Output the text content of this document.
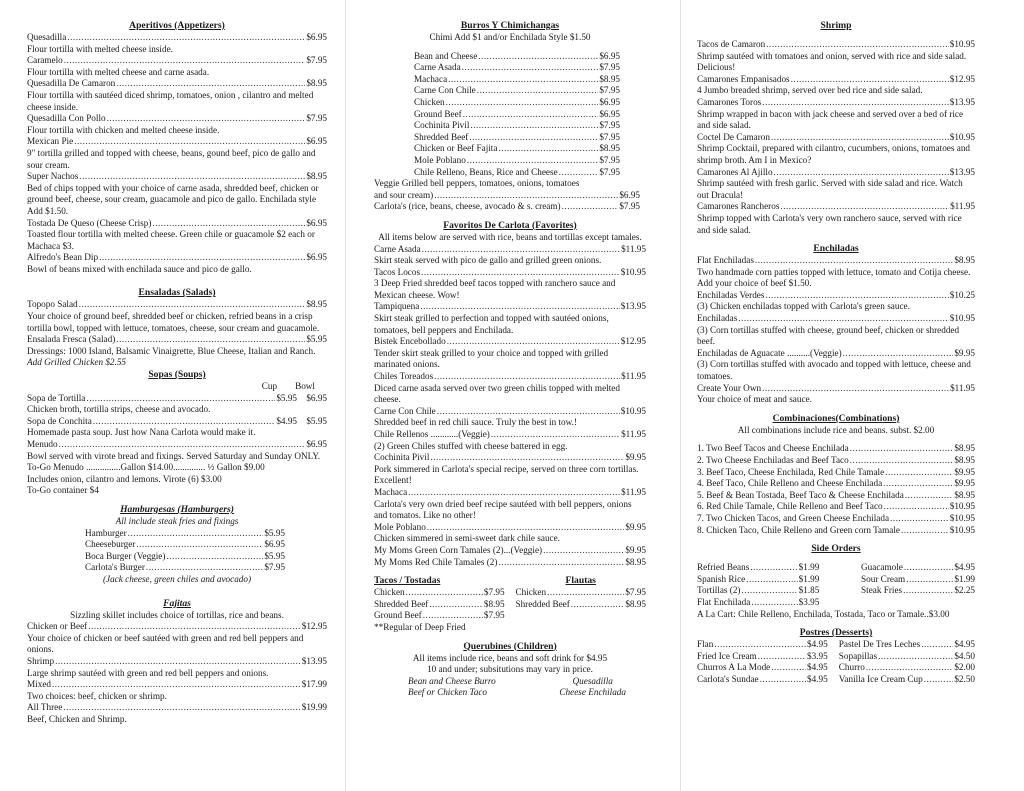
Aperitivos (Appetizers)
Quesadilla .....	$6.95
Flour tortilla with melted cheese inside.
Caramelo .....	$7.95
Flour tortilla with melted cheese and carne asada.
Quesadilla De Camaron .....	$8.95
Flour tortilla with sautéed diced shrimp, tomatoes, onion , cilantro and melted cheese inside.
Quesadilla Con Pollo .....	$7.95
Flour tortilla with chicken and melted cheese inside.
Mexican Pie .....	$6.95
9" tortilla grilled and topped with cheese, beans, gound beef, pico de gallo and sour cream.
Super Nachos .....	$8.95
Bed of chips topped with your choice of carne asada, shredded beef, chicken or ground beef, cheese, sour cream, guacamole and pico de gallo. Enchilada style Add $1.50.
Tostada De Queso (Cheese Crisp) .....	$6.95
Toasted flour tortilla with melted cheese. Green chile or guacamole $2 each or Machaca $3.
Alfredo's Bean Dip .....	$6.95
Bowl of beans mixed with enchilada sauce and pico de gallo.
Ensaladas (Salads)
Topopo Salad .....	$8.95
Your choice of ground beef, shredded beef or chicken, refried beans in a crisp tortilla bowl, topped with lettuce, tomatoes, cheese, sour cream and guacamole.
Ensalada Fresca (Salad) .....	$5.95
Dressings: 1000 Island, Balsamic Vinaigrette, Blue Cheese, Italian and Ranch. Add Grilled Chicken $2.55
Sopas (Soups)
Cup Bowl
Sopa de Tortilla .....	$5.95	$6.95
Chicken broth, tortilla strips, cheese and avocado.
Sopa de Conchita .....	$4.95	$5.95
Homemade pasta soup. Just how Nana Carlota would make it.
Menudo .....	$6.95
Bowl served with virote bread and fixings. Served Saturday and Sunday ONLY.
To-Go Menudo ...............Gallon $14.00.............. ½ Gallon $9.00
Includes onion, cilantro and lemons. Virote (6) $3.00
To-Go container $4
Hamburgesas (Hamburgers)
All include steak fries and fixings
Hamburger .....	$5.95
Cheeseburger .....	$6.95
Boca Burger (Veggie) .....	$5.95
Carlota's Burger .....	$7.95
(Jack cheese, green chiles and avocado)
Fajitas
Sizzling skillet includes choice of tortillas, rice and beans.
Chicken or Beef .....	$12.95
Your choice of chicken or beef sautéed with green and red bell peppers and onions.
Shrimp .....	$13.95
Large shrimp sautéed with green and red bell peppers and onions.
Mixed .....	$17.99
Two choices: beef, chicken or shrimp.
All Three .....	$19.99
Beef, Chicken and Shrimp.
Burros Y Chimichangas
Chimi Add $1 and/or Enchilada Style $1.50
Bean and Cheese .....	$6.95
Carne Asada .....	$7.95
Machaca .....	$8.95
Carne Con Chile .....	$7.95
Chicken .....	$6.95
Ground Beef .....	$6.95
Cochinita Pivil .....	$7.95
Shredded Beef .....	$7.95
Chicken or Beef Fajita .....	$8.95
Mole Poblano .....	$7.95
Chile Relleno, Beans, Rice and Cheese .....	$7.95
Veggie Grilled bell peppers, tomatoes, onions, tomatoes
and sour cream) .....	$6.95
Carlota's (rice, beans, cheese, avocado & s. cream) .....	$7.95
Favoritos De Carlota (Favorites)
All items below are served with rice, beans and tortillas except tamales.
Carne Asada .....	$11.95
Skirt steak served with pico de gallo and grilled green onions.
Tacos Locos .....	$10.95
3 Deep Fried shredded beef tacos topped with ranchero sauce and Mexican cheese. Wow!
Tampiquena .....	$13.95
Skirt steak grilled to perfection and topped with sautéed onions, tomatoes, bell peppers and Enchilada.
Bistek Encebollado .....	$12.95
Tender skirt steak grilled to your choice and topped with grilled marinated onions.
Chiles Toreados .....	$11.95
Diced carne asada served over two green chilis topped with melted cheese.
Carne Con Chile .....	$10.95
Shredded beef in red chili sauce. Truly the best in tow.!
Chile Rellenos ............(Veggie) .....	$11.95
(2) Green Chiles stuffed with cheese battered in egg.
Cochinita Pivil .....	$9.95
Pork simmered in Carlota's special recipe, served on three corn tortillas. Excellent!
Machaca .....	$11.95
Carlota's very own dried beef recipe sautéed with bell peppers, onions and tomatos. Like no other!
Mole Poblano .....	$9.95
Chicken simmered in semi-sweet dark chile sauce.
My Moms Green Corn Tamales (2)...(Veggie) .....	$9.95
My Moms Red Chile Tamales (2) .....	$8.95
Tacos / Tostadas
Chicken .....	$7.95
Shredded Beef .....	$8.95
Ground Beef .....	$7.95
**Regular of Deep Fried
Flautas
Chicken .....	$7.95
Shredded Beef .....	$8.95
Querubines (Children)
All items include rice, beans and soft drink for $4.95
10 and under; subsitutions may vary in price.
Bean and Cheese Burro
Beef or Chicken Taco
Quesadilla
Cheese Enchilada
Shrimp
Tacos de Camaron .....	$10.95
Shrimp sautéed with tomatoes and onion, served with rice and side salad. Delicious!
Camarones Empanisados .....	$12.95
4 Jumbo breaded shrimp, served over bed rice and side salad.
Camarones Toros .....	$13.95
Shrimp wrapped in bacon with jack cheese and served over a bed of rice and side salad.
Coctel De Camaron .....	$10.95
Shrimp Cocktail, prepared with cilantro, cucumbers, onions, tomatoes and shrimp broth. Am I in Mexico?
Camarones Al Ajillo .....	$13.95
Shrimp sautéed with fresh garlic. Served with side salad and rice. Watch out Dracula!
Camarones Rancheros .....	$11.95
Shrimp topped with Carlota's very own ranchero sauce, served with rice and side salad.
Enchiladas
Flat Enchiladas .....	$8.95
Two handmade corn patties topped with lettuce, tomato and Cotija cheese. Add your choice of beef $1.50.
Enchiladas Verdes .....	$10.25
(3) Chicken enchiladas topped with Carlota's green sauce.
Enchiladas .....	$10.95
(3) Corn tortillas stuffed with cheese, ground beef, chicken or shredded beef.
Enchiladas de Aguacate ..........(Veggie) .....	$9.95
(3) Corn tortillas stuffed with avocado and topped with lettuce, cheese and tomatoes.
Create Your Own .....	$11.95
Your choice of meat and sauce.
Combinaciones(Combinations)
All combinations include rice and beans. subst. $2.00
1. Two Beef Tacos and Cheese Enchilada .....	$8.95
2. Two Cheese Enchiladas and Beef Taco .....	$8.95
3. Beef Taco, Cheese Enchilada, Red Chile Tamale .....	$9.95
4. Beef Taco, Chile Relleno and Cheese Enchilada .....	$9.95
5. Beef & Bean Tostada, Beef Taco & Cheese Enchilada .....	$8.95
6. Red Chile Tamale, Chile Relleno and Beef Taco .....	$10.95
7. Two Chicken Tacos, and Green Cheese Enchilada .....	$10.95
8. Chicken Taco, Chile Relleno and Green corn Tamale .....	$10.95
Side Orders
Refried Beans .....	$1.99
Spanish Rice .....	$1.99
Tortillas (2) .....	$1.85
Flat Enchilada .....	$3.95
Guacamole .....	$4.95
Sour Cream .....	$1.99
Steak Fries .....	$2.25
A La Cart: Chile Relleno, Enchilada, Tostada, Taco or Tamale..$3.00
Postres (Desserts)
Flan .....	$4.95
Fried Ice Cream .....	$3.95
Churros A La Mode .....	$4.95
Carlota's Sundae .....	$4.95
Pastel De Tres Leches .....	$4.95
Sopapillas .....	$4.50
Churro .....	$2.00
Vanilla Ice Cream Cup .....	$2.50
